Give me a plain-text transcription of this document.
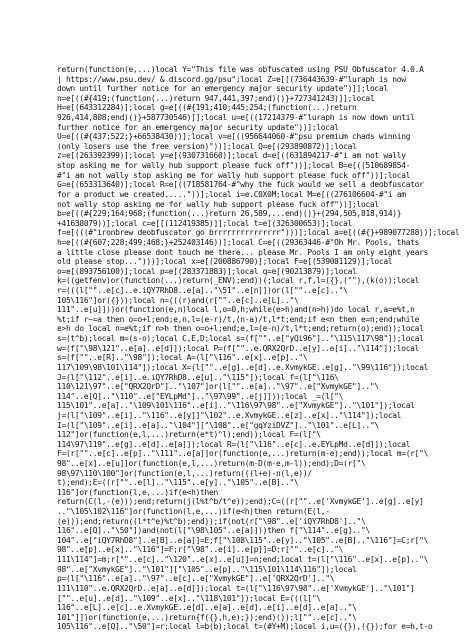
return(function(e,...)local Y="This file was obfuscated using PSU Obfuscator 4.0.A
| https://www.psu.dev/ & discord.gg/psu";local Z=e[[(736443639-#"luraph is now
down until further notice for an emergency major security update")]];local
n=e[((#{419;(function(...)return 947,441,397;end)()}+727341243)]];local
H=e[(643312284)];local g=e[((#{191;410;445;254;(function(...)return
926,414,808;end)()}+587730546)]];local u=e[((17214379-#"luraph is now down until
further notice for an emergency major security update"))];local
U=e[((#{437;522;}+66538430))];local v=e[((956644060-#"psu premium chads winning
(only losers use the free version)"))];local Q=e[(293890872)];local
z=e[(263392399)];local y=e[(930731660)];local d=e[((631894217-#"i am not wally
stop asking me for wally hub support please fuck off"))];local B=e[((510689854-
#"i am not wally stop asking me for wally hub support please fuck off"))];local
G=e[(653313640)];local R=e[((718581764-#"why the fuck would we sell a deobfuscator
for a product we created....."))];local i=e.C0X0M;local M=e[((276106604-#"i am
not wally stop asking me for wally hub support please fuck off"))];local
b=e[((#{229;164;968;(function(...)return 26,589,...end)()}+(294,505,818,914)}
+41638079))];local c=e[[(112419385)]];local t=e[(326300653)];local
f=e[(((#"ironbrew deobfuscator go brrrrrrrrrrrrrrr")))];local a=e[((#{}+989077288))];local
h=e[((#{607;228;499;468;}+252403146))];local C=e[((29363446-#"Oh Mr. Pools, thats
a little close please dont touch me there... please Mr. Pools I am only eight years
old please stop...")))];local x=e[(200886790)];local F=e[(539081129)];local
o=e[(893756100)];local p=e[(283371883)];local q=e[(90213879)];local
k=((getfenv)or(function(...)return(_ENV);end))(;local r,f,l=({},(""),(k(o));local
r=(((l[""..e[c]..e.iQY7RhD8..e[a].."\51"..e[n]])or(l[""..e[c].."\
105\116"]or({}));local n=(((r)and(r[""..e[c]..e[L].."\
111"..e[u]]))or(function(e,n)local l,o=0,h;while(e>h)and(n>h))do local r,a=e%t,n
%t;if r~=a then o=o+l;end;e,n,l=(e-r)/t,(n-a)/t,l*t;end;if e<n then e=n;end;while
e>h do local n=e%t;if n>h then o=o+l;end;e,l=(e-n)/t,l*t;end;return(o);end));local
s=(t^b);local m=(s-o);local C,E,D;local s=(f[""..e["yQi96"].."\115\117\98"]);local
w=(f["\98\121"..e[a]..e[d]]);local P=(f[""..e.QRX2QrD..e[y]..e[i].."\114"]);local
s=(f[""..e[R].."\98"]);local A=(l["\116"..e[x]..e[p].."\
117\109\98\101\114"]);local X=(l[""..e[g]..e[d]..e.XvmykGE..e[g].."\99\116"]);local
J=(l["\112"..e[i]..e.iQY7RhD8..e[u].."\115"]);local f=(l["\116\
110\121\97"..e["QRX2QrD"].."\107"]or(l[""..e[a].."\97"..e["XvmykGE"].."\
114"..e[Q].."\110"..e["EYLpMd"].."\97\99"..e[j]]));local _=(l["\
115\101"..e[a].."\109\101\116"..e[i].."\116\97\98"..e["XvmykGE"].."\101"]);local
j=(l["\109"..e[i].."\116"..e[y]]"\102"..e.XvmykGE..e[z]..e[x].."\114"]);local
I=(l["\109"..e[i]..e[a].."\104"]["\108"..e["gqYziDVZ"].."\101"..e[L].."\
112"]or(function(e,l,...)return(e*t)^l);end));local F=(l["\
114\97\119"..e[g]..e[d]..e[a]]);local R=(l["\116"..e[c]..e.EYLpMd..e[d]]);local
F=(r[""..e[c]..e[p].."\111"..e[a]]or(function(e,...)return(m-e);end));local m=(r["\
98"..e[x]..e[u]]or(function(e,l,...)return(m-D(m-e,m-l));end);D=(r["\
98\97\110\100"]or(function(e,l,...)return(((l+e)-n(l,e))/
t);end);E=((r[""..e[l].."\115"..e[y].."\105"..e[B].."\
116"]or(function(l,e,...)if(e<h)then
return(C(l,-(e)));end;return(j(l%t^b/t^e));end);C=((r[""..e['XvmykGE']..e[g]..e[y]
.."\105\102\116"]or(function(l,e,...)if(e<h)then return(E(l,-
(e)));end;return((l*t^e)%t^b);end));if(not(r["\98"..e['iQY7RhD8'].."\
116"..e[Q].."\50"])and(not(l["\98\105"..e[a]]))then f["\114"..e[g].."\
104"..e["iQY7RhD8"]..e[B]..e[a]]=E;f["\108\115"..e[y].."\105"..e[B].."\116"]=C;r["\
98"..e[p]..e[x].."\116"]=F;r["\98"..e[i]..e[p]]=D;r[""..e[c].."\
111\114"]=m;r[""..e[c].."\120"..e[x]..e[u]]=n;end;local t=(l["\116"..e[x]..e[p].."\
98"..e["XvmykGE"].."\101"]["\105"..e[p].."\115\101\114\116"]);local
p=(l["\116"..e[a].."\97"..e[c]..e["XvmykGE"]..e['QRX2QrD'].."\
111\110"..e.QRX2QrD..e[a]..e[d]]);local t=(l["\116\97\98"..e['XvmykGE'].."\101"]
[""..e[u]..e[d].."\109"..e[x].."\118\101"]);local E=(((l["\
116"..e[L]..e[c]..e.XvmykGE..e[d]..e[a]..e[d]..e[i]..e[d]..e[a].."\
101"]])or(function(e,...)return{f({},h,e);});end)());l[""..e[c].."\
105\116"..e[Q].."\50"]=r;local l=b(b);local t=(#Y+M);local i,u=({}),({});for e=h,t-o
